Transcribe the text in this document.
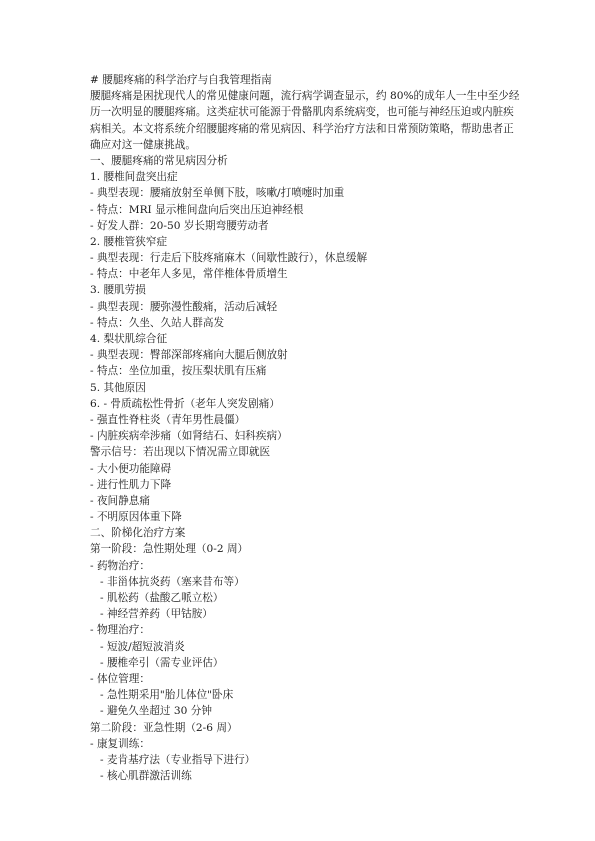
# 腰腿疼痛的科学治疗与自我管理指南
腰腿疼痛是困扰现代人的常见健康问题，流行病学调查显示，约 80%的成年人一生中至少经
历一次明显的腰腿疼痛。这类症状可能源于骨骼肌肉系统病变，也可能与神经压迫或内脏疾
病相关。本文将系统介绍腰腿疼痛的常见病因、科学治疗方法和日常预防策略，帮助患者正
确应对这一健康挑战。
一、腰腿疼痛的常见病因分析
1. 腰椎间盘突出症
- 典型表现：腰痛放射至单侧下肢，咳嗽/打喷嚏时加重
- 特点：MRI 显示椎间盘向后突出压迫神经根
- 好发人群：20-50 岁长期弯腰劳动者
2. 腰椎管狭窄症
- 典型表现：行走后下肢疼痛麻木（间歇性跛行），休息缓解
- 特点：中老年人多见，常伴椎体骨质增生
3. 腰肌劳损
- 典型表现：腰弥漫性酸痛，活动后减轻
- 特点：久坐、久站人群高发
4. 梨状肌综合征
- 典型表现：臀部深部疼痛向大腿后侧放射
- 特点：坐位加重，按压梨状肌有压痛
5. 其他原因
6. - 骨质疏松性骨折（老年人突发剧痛）
- 强直性脊柱炎（青年男性晨僵）
- 内脏疾病牵涉痛（如肾结石、妇科疾病）
警示信号：若出现以下情况需立即就医
- 大小便功能障碍
- 进行性肌力下降
- 夜间静息痛
- 不明原因体重下降
二、阶梯化治疗方案
第一阶段：急性期处理（0-2 周）
- 药物治疗：
- 非甾体抗炎药（塞来昔布等）
- 肌松药（盐酸乙哌立松）
- 神经营养药（甲钴胺）
- 物理治疗：
- 短波/超短波消炎
- 腰椎牵引（需专业评估）
- 体位管理：
- 急性期采用"胎儿体位"卧床
- 避免久坐超过 30 分钟
第二阶段：亚急性期（2-6 周）
- 康复训练：
- 麦肯基疗法（专业指导下进行）
- 核心肌群激活训练
